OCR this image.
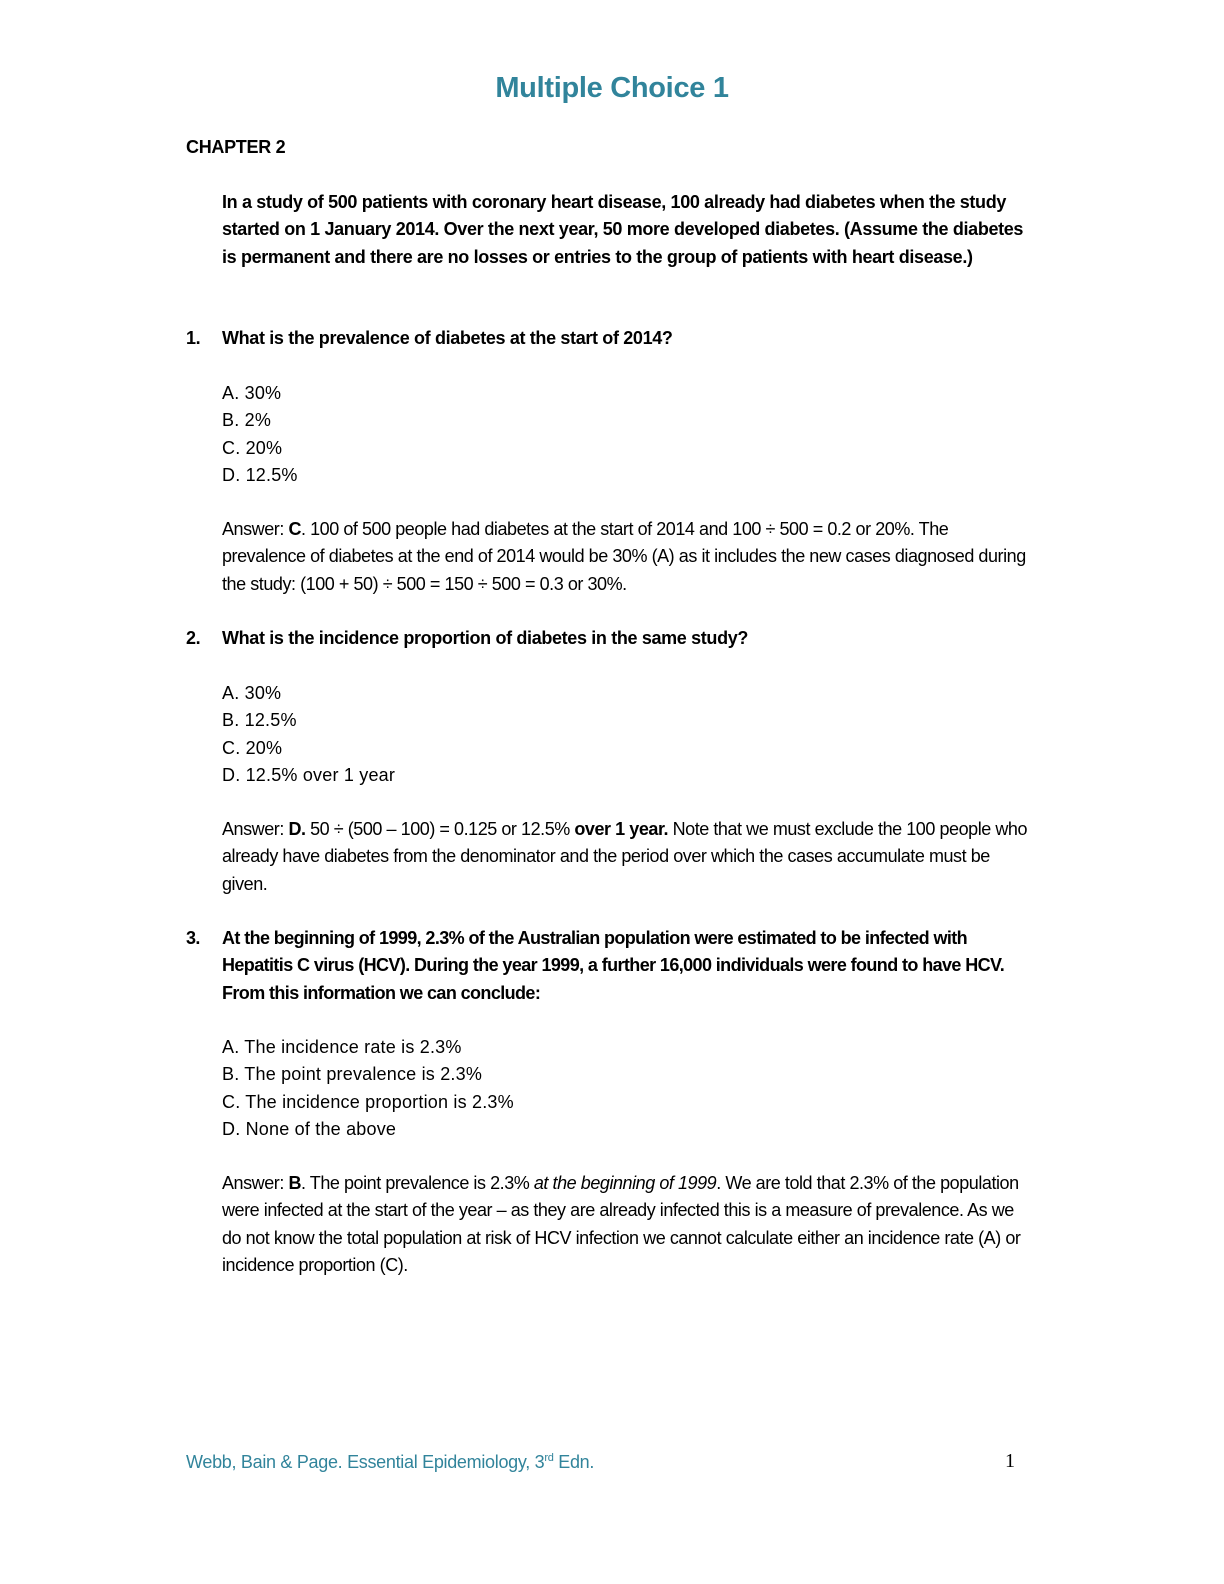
Multiple Choice 1
CHAPTER 2
In a study of 500 patients with coronary heart disease, 100 already had diabetes when the study started on 1 January 2014. Over the next year, 50 more developed diabetes. (Assume the diabetes is permanent and there are no losses or entries to the group of patients with heart disease.)
1. What is the prevalence of diabetes at the start of 2014?
A. 30%
B. 2%
C. 20%
D. 12.5%
Answer: C. 100 of 500 people had diabetes at the start of 2014 and 100 ÷ 500 = 0.2 or 20%. The prevalence of diabetes at the end of 2014 would be 30% (A) as it includes the new cases diagnosed during the study: (100 + 50) ÷ 500 = 150 ÷ 500 = 0.3 or 30%.
2. What is the incidence proportion of diabetes in the same study?
A. 30%
B. 12.5%
C. 20%
D. 12.5% over 1 year
Answer: D. 50 ÷ (500 – 100) = 0.125 or 12.5% over 1 year. Note that we must exclude the 100 people who already have diabetes from the denominator and the period over which the cases accumulate must be given.
3. At the beginning of 1999, 2.3% of the Australian population were estimated to be infected with Hepatitis C virus (HCV). During the year 1999, a further 16,000 individuals were found to have HCV. From this information we can conclude:
A. The incidence rate is 2.3%
B. The point prevalence is 2.3%
C. The incidence proportion is 2.3%
D. None of the above
Answer: B. The point prevalence is 2.3% at the beginning of 1999. We are told that 2.3% of the population were infected at the start of the year – as they are already infected this is a measure of prevalence. As we do not know the total population at risk of HCV infection we cannot calculate either an incidence rate (A) or incidence proportion (C).
Webb, Bain & Page. Essential Epidemiology, 3rd Edn.	1
